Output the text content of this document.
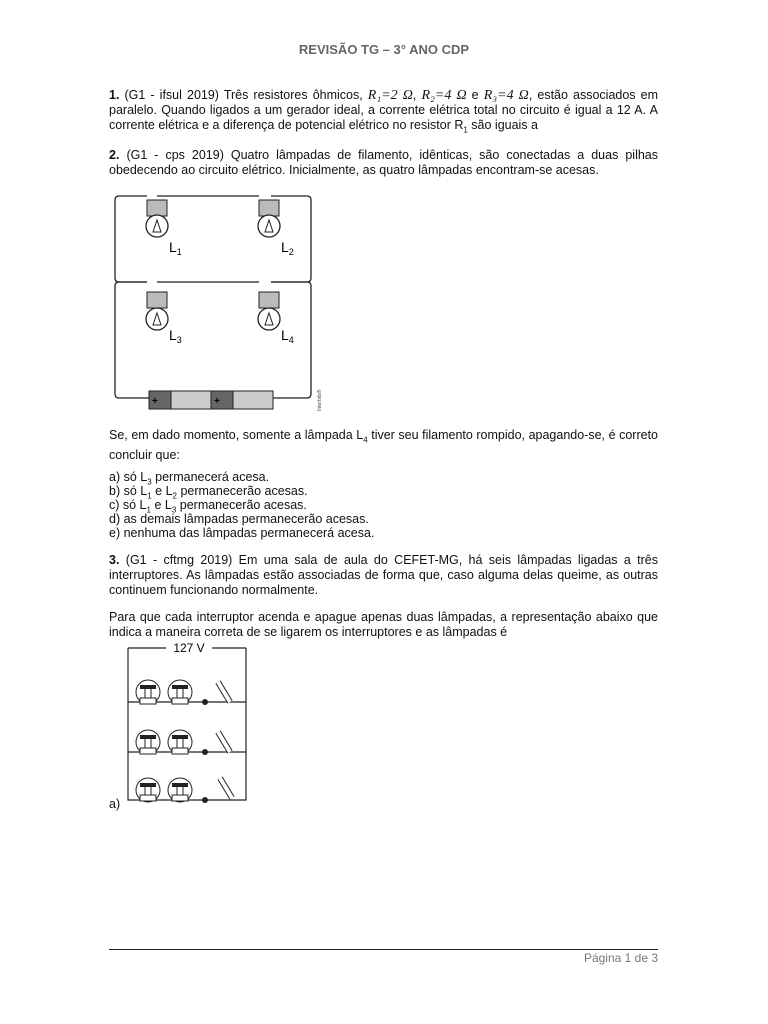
REVISÃO TG – 3° ANO CDP

1. (G1 - ifsul 2019) Três resistores ôhmicos, R₁=2 Ω, R₂=4 Ω e R₃=4 Ω, estão associados em paralelo. Quando ligados a um gerador ideal, a corrente elétrica total no circuito é igual a 12 A. A corrente elétrica e a diferença de potencial elétrico no resistor $R_1$ são iguais a

2. (G1 - cps 2019) Quatro lâmpadas de filamento, idênticas, são conectadas a duas pilhas obedecendo ao circuito elétrico. Inicialmente, as quatro lâmpadas encontram-se acesas.

$L_1$	$L_2$
$L_3$	$L_4$
+	+	Interbits®

Se, em dado momento, somente a lâmpada $L_4$ tiver seu filamento rompido, apagando-se, é correto concluir que:

a) só $L_3$ permanecerá acesa.

b) só $L_1$ e $L_2$ permanecerão acesas.

c) só $L_1$ e $L_3$ permanecerão acesas.

d) as demais lâmpadas permanecerão acesas.

e) nenhuma das lâmpadas permanecerá acesa.

3. (G1 - cftmg 2019) Em uma sala de aula do CEFET-MG, há seis lâmpadas ligadas a três interruptores. As lâmpadas estão associadas de forma que, caso alguma delas queime, as outras continuem funcionando normalmente.

Para que cada interruptor acenda e apague apenas duas lâmpadas, a representação abaixo que indica a maneira correta de se ligarem os interruptores e as lâmpadas é

127 V
a)
Página 1 de 3
